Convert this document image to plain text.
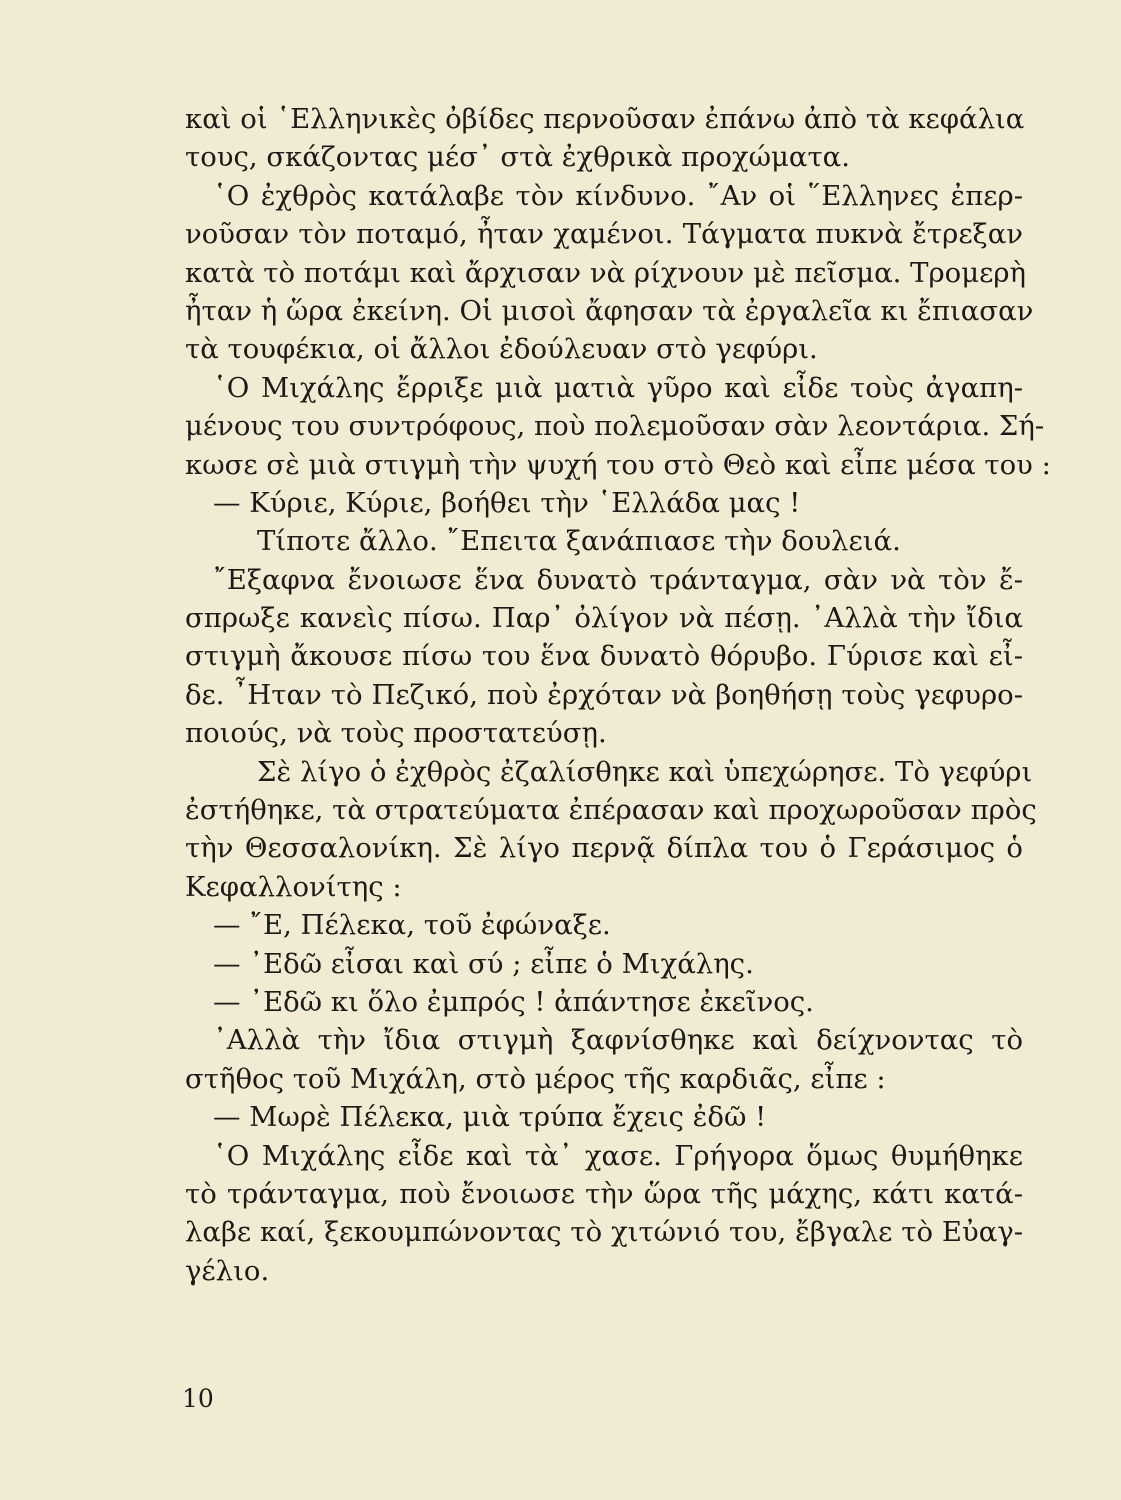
καὶ οἱ ῾Ελληνικὲς ὀβίδες περνοῦσαν ἐπάνω ἀπὸ τὰ κεφάλια
τους, σκάζοντας μέσ᾽ στὰ ἐχθρικὰ προχώματα.
῾Ο ἐχθρὸς κατάλαβε τὸν κίνδυνο. ῎Αν οἱ ῞Ελληνες ἐπερ-
νοῦσαν τὸν ποταμό, ἦταν χαμένοι. Τάγματα πυκνὰ ἔτρεξαν
κατὰ τὸ ποτάμι καὶ ἄρχισαν νὰ ρίχνουν μὲ πεῖσμα. Τρομερὴ
ἦταν ἡ ὥρα ἐκείνη. Οἱ μισοὶ ἄφησαν τὰ ἐργαλεῖα κι ἔπιασαν
τὰ τουφέκια, οἱ ἄλλοι ἐδούλευαν στὸ γεφύρι.
῾Ο Μιχάλης ἔρριξε μιὰ ματιὰ γῦρο καὶ εἶδε τοὺς ἀγαπη-
μένους του συντρόφους, ποὺ πολεμοῦσαν σὰν λεοντάρια. Σή-
κωσε σὲ μιὰ στιγμὴ τὴν ψυχή του στὸ Θεὸ καὶ εἶπε μέσα του :
— Κύριε, Κύριε, βοήθει τὴν ῾Ελλάδα μας !
Τίποτε ἄλλο. ῎Επειτα ξανάπιασε τὴν δουλειά.
῎Εξαφνα ἔνοιωσε ἕνα δυνατὸ τράνταγμα, σὰν νὰ τὸν ἔ-
σπρωξε κανεὶς πίσω. Παρ᾽ ὀλίγον νὰ πέσῃ. ᾽Αλλὰ τὴν ἴδια
στιγμὴ ἄκουσε πίσω του ἕνα δυνατὸ θόρυβο. Γύρισε καὶ εἶ-
δε. ῏Ηταν τὸ Πεζικό, ποὺ ἐρχόταν νὰ βοηθήσῃ τοὺς γεφυρο-
ποιούς, νὰ τοὺς προστατεύσῃ.
Σὲ λίγο ὁ ἐχθρὸς ἐζαλίσθηκε καὶ ὑπεχώρησε. Τὸ γεφύρι
ἐστήθηκε, τὰ στρατεύματα ἐπέρασαν καὶ προχωροῦσαν πρὸς
τὴν Θεσσαλονίκη. Σὲ λίγο περνᾷ δίπλα του ὁ Γεράσιμος ὁ
Κεφαλλονίτης :
— ῎Ε, Πέλεκα, τοῦ ἐφώναξε.
— ᾽Εδῶ εἶσαι καὶ σύ ; εἶπε ὁ Μιχάλης.
— ᾽Εδῶ κι ὅλο ἐμπρός ! ἀπάντησε ἐκεῖνος.
᾽Αλλὰ τὴν ἴδια στιγμὴ ξαφνίσθηκε καὶ δείχνοντας τὸ
στῆθος τοῦ Μιχάλη, στὸ μέρος τῆς καρδιᾶς, εἶπε :
— Μωρὲ Πέλεκα, μιὰ τρύπα ἔχεις ἐδῶ !
῾Ο Μιχάλης εἶδε καὶ τὰ᾽ χασε. Γρήγορα ὅμως θυμήθηκε
τὸ τράνταγμα, ποὺ ἔνοιωσε τὴν ὥρα τῆς μάχης, κάτι κατά-
λαβε καί, ξεκουμπώνοντας τὸ χιτώνιό του, ἔβγαλε τὸ Εὐαγ-
γέλιο.
10
